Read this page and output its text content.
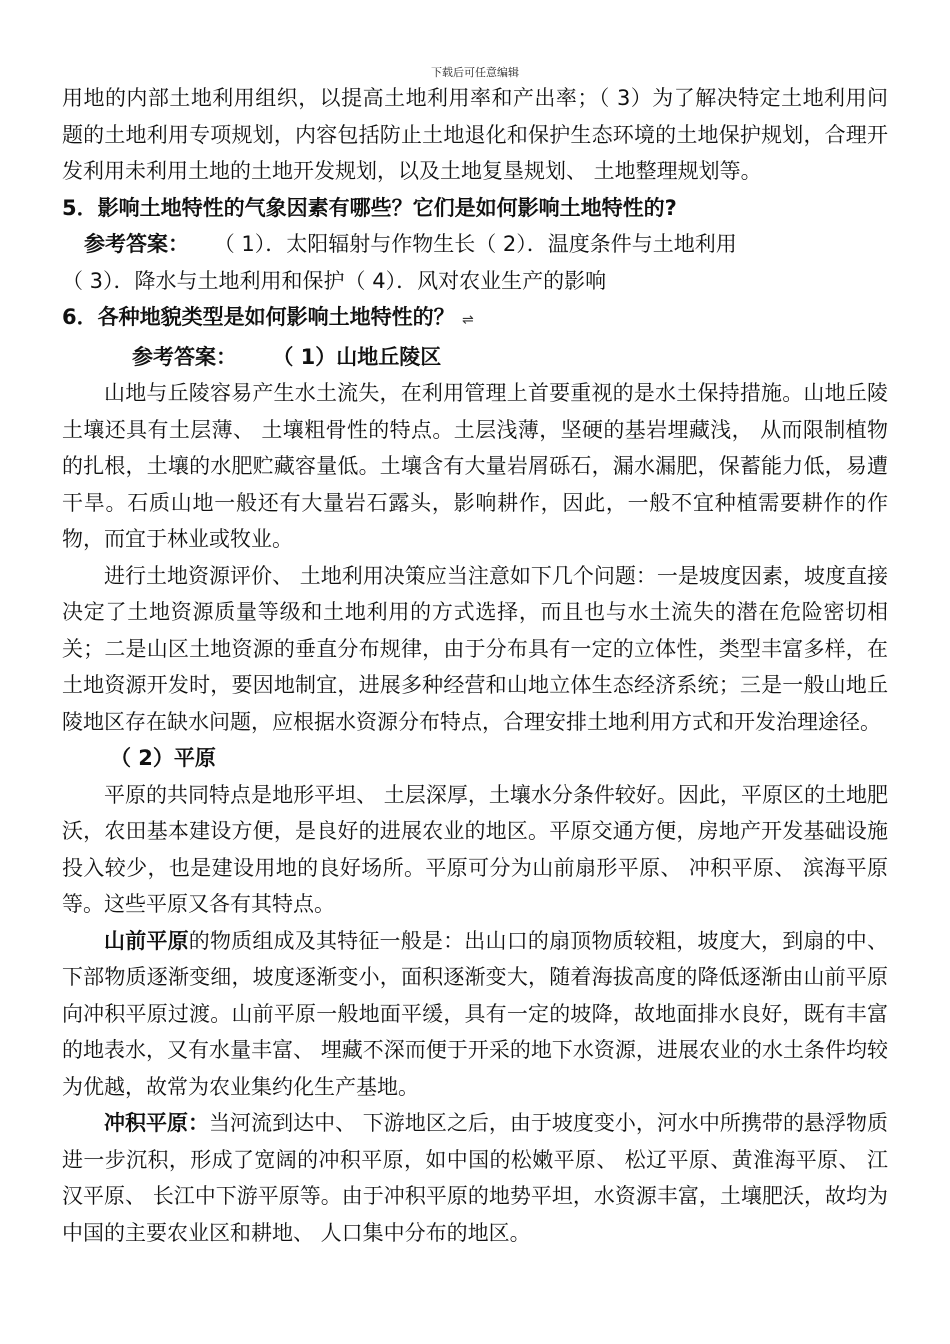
下载后可任意编辑

用地的内部土地利用组织，以提高土地利用率和产出率；（ 3）为了解决特定土地利用问题的土地利用专项规划，内容包括防止土地退化和保护生态环境的土地保护规划，合理开发利用未利用土地的土地开发规划，以及土地复垦规划、 土地整理规划等。

5．影响土地特性的气象因素有哪些？它们是如何影响土地特性的?

参考答案： （ 1）．太阳辐射与作物生长（ 2）．温度条件与土地利用

（ 3）．降水与土地利用和保护（ 4）．风对农业生产的影响

6．各种地貌类型是如何影响土地特性的？ ⇌

参考答案： （ 1）山地丘陵区

山地与丘陵容易产生水土流失，在利用管理上首要重视的是水土保持措施。山地丘陵土壤还具有土层薄、 土壤粗骨性的特点。土层浅薄，坚硬的基岩埋藏浅， 从而限制植物的扎根，土壤的水肥贮藏容量低。土壤含有大量岩屑砾石，漏水漏肥，保蓄能力低，易遭干旱。石质山地一般还有大量岩石露头，影响耕作，因此，一般不宜种植需要耕作的作物，而宜于林业或牧业。

进行土地资源评价、 土地利用决策应当注意如下几个问题：一是坡度因素，坡度直接决定了土地资源质量等级和土地利用的方式选择，而且也与水土流失的潜在危险密切相关；二是山区土地资源的垂直分布规律，由于分布具有一定的立体性，类型丰富多样，在土地资源开发时，要因地制宜，进展多种经营和山地立体生态经济系统；三是一般山地丘陵地区存在缺水问题，应根据水资源分布特点，合理安排土地利用方式和开发治理途径。

（ 2）平原

平原的共同特点是地形平坦、 土层深厚，土壤水分条件较好。因此，平原区的土地肥沃，农田基本建设方便，是良好的进展农业的地区。平原交通方便，房地产开发基础设施投入较少，也是建设用地的良好场所。平原可分为山前扇形平原、 冲积平原、 滨海平原等。这些平原又各有其特点。

山前平原的物质组成及其特征一般是：出山口的扇顶物质较粗，坡度大，到扇的中、 下部物质逐渐变细，坡度逐渐变小，面积逐渐变大，随着海拔高度的降低逐渐由山前平原向冲积平原过渡。山前平原一般地面平缓，具有一定的坡降，故地面排水良好，既有丰富的地表水，又有水量丰富、 埋藏不深而便于开采的地下水资源，进展农业的水土条件均较为优越，故常为农业集约化生产基地。

冲积平原：当河流到达中、 下游地区之后，由于坡度变小，河水中所携带的悬浮物质进一步沉积，形成了宽阔的冲积平原，如中国的松嫩平原、 松辽平原、黄淮海平原、 江汉平原、 长江中下游平原等。由于冲积平原的地势平坦，水资源丰富，土壤肥沃，故均为中国的主要农业区和耕地、 人口集中分布的地区。
